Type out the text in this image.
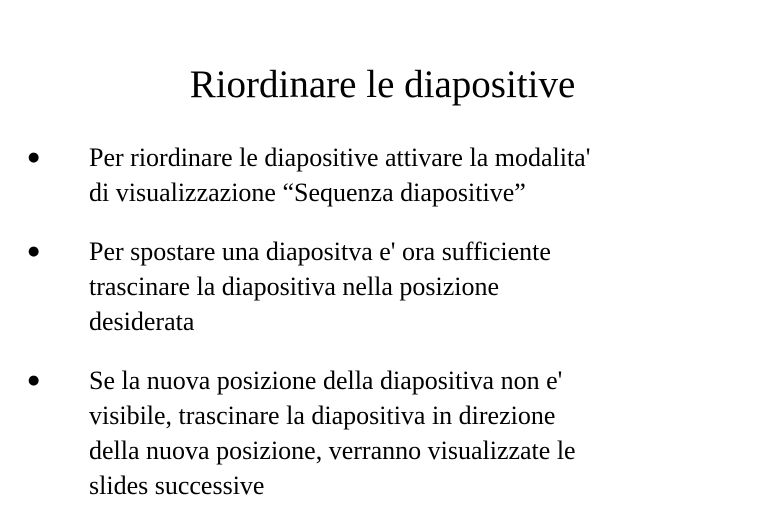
Riordinare le diapositive
● Per riordinare le diapositive attivare la modalita'
di visualizzazione “Sequenza diapositive”
● Per spostare una diapositva e' ora sufficiente
trascinare la diapositiva nella posizione
desiderata
● Se la nuova posizione della diapositiva non e'
visibile, trascinare la diapositiva in direzione
della nuova posizione, verranno visualizzate le
slides successive
